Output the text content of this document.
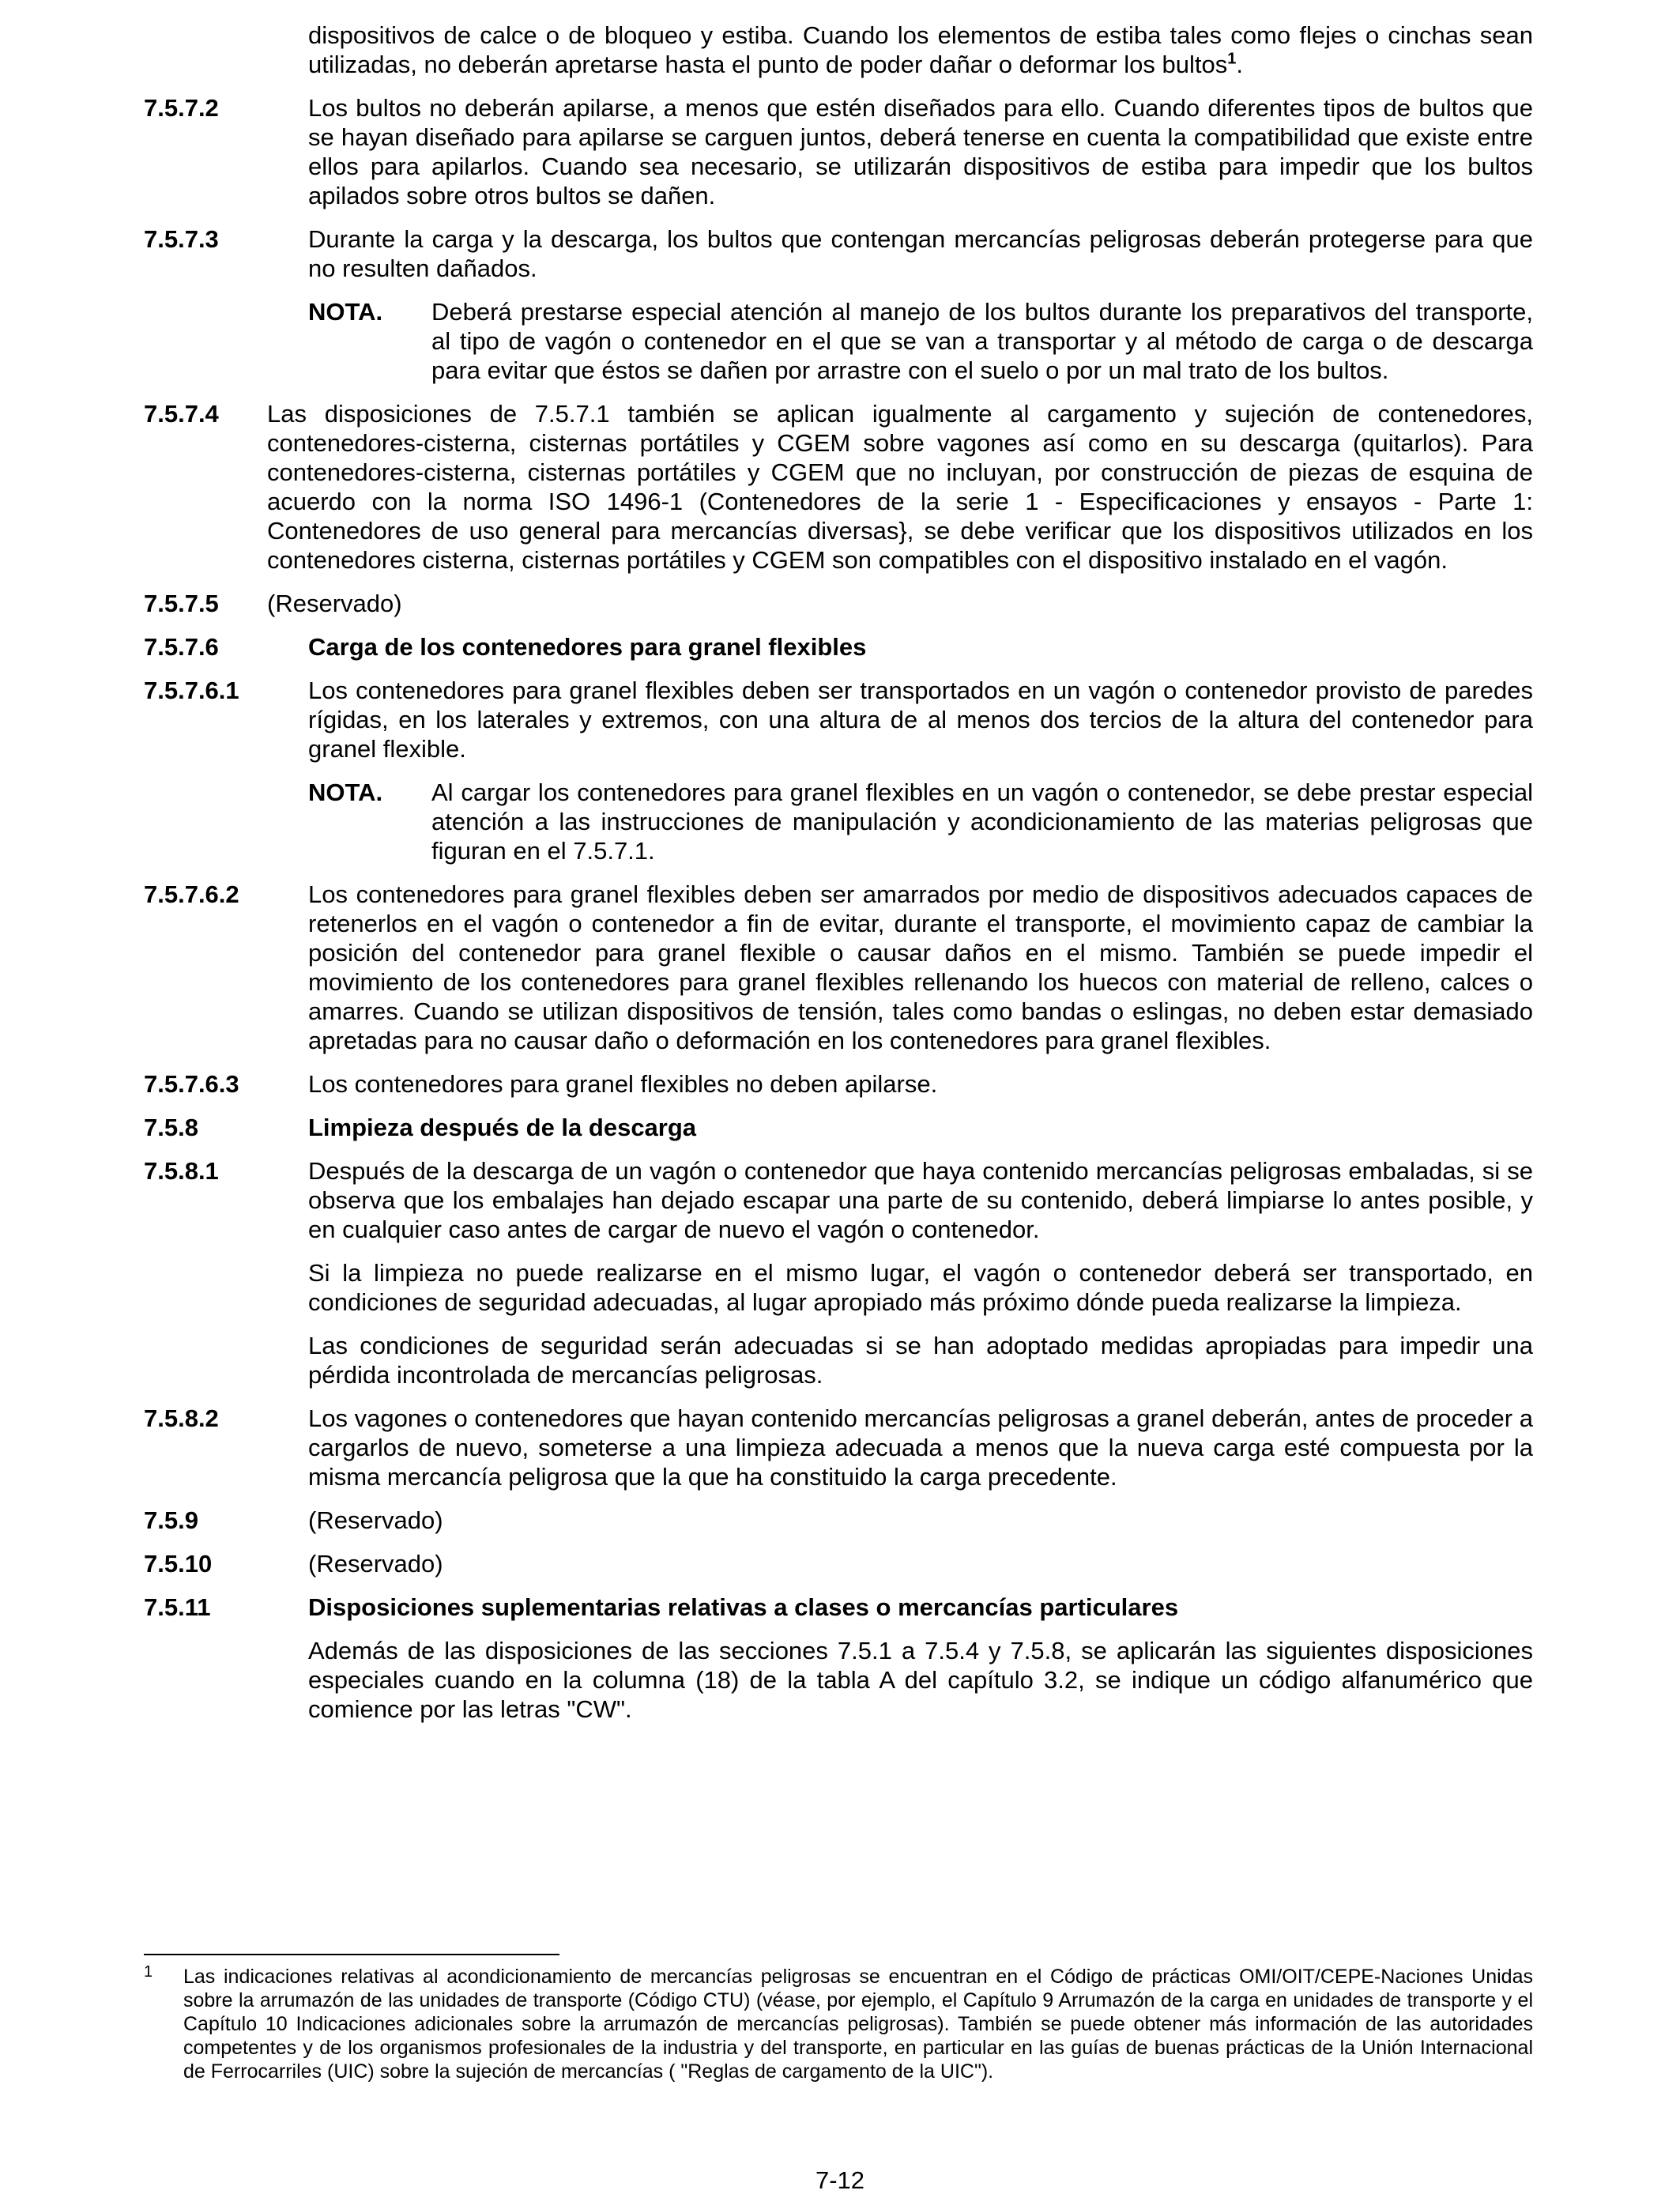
dispositivos de calce o de bloqueo y estiba. Cuando los elementos de estiba tales como flejes o cinchas sean utilizadas, no deberán apretarse hasta el punto de poder dañar o deformar los bultos$^1$.

7.5.7.2	Los bultos no deberán apilarse, a menos que estén diseñados para ello. Cuando diferentes tipos de bultos que se hayan diseñado para apilarse se carguen juntos, deberá tenerse en cuenta la compatibilidad que existe entre ellos para apilarlos. Cuando sea necesario, se utilizarán dispositivos de estiba para impedir que los bultos apilados sobre otros bultos se dañen.

7.5.7.3	Durante la carga y la descarga, los bultos que contengan mercancías peligrosas deberán protegerse para que no resulten dañados.

NOTA. Deberá prestarse especial atención al manejo de los bultos durante los preparativos del transporte, al tipo de vagón o contenedor en el que se van a transportar y al método de carga o de descarga para evitar que éstos se dañen por arrastre con el suelo o por un mal trato de los bultos.

7.5.7.4 Las disposiciones de 7.5.7.1 también se aplican igualmente al cargamento y sujeción de contenedores, contenedores-cisterna, cisternas portátiles y CGEM sobre vagones así como en su descarga (quitarlos). Para contenedores-cisterna, cisternas portátiles y CGEM que no incluyan, por construcción de piezas de esquina de acuerdo con la norma ISO 1496-1 (Contenedores de la serie 1 - Especificaciones y ensayos - Parte 1: Contenedores de uso general para mercancías diversas}, se debe verificar que los dispositivos utilizados en los contenedores cisterna, cisternas portátiles y CGEM son compatibles con el dispositivo instalado en el vagón.

7.5.7.5 (Reservado)

7.5.7.6	Carga de los contenedores para granel flexibles

7.5.7.6.1	Los contenedores para granel flexibles deben ser transportados en un vagón o contenedor provisto de paredes rígidas, en los laterales y extremos, con una altura de al menos dos tercios de la altura del contenedor para granel flexible.

NOTA. Al cargar los contenedores para granel flexibles en un vagón o contenedor, se debe prestar especial atención a las instrucciones de manipulación y acondicionamiento de las materias peligrosas que figuran en el 7.5.7.1.

7.5.7.6.2	Los contenedores para granel flexibles deben ser amarrados por medio de dispositivos adecuados capaces de retenerlos en el vagón o contenedor a fin de evitar, durante el transporte, el movimiento capaz de cambiar la posición del contenedor para granel flexible o causar daños en el mismo. También se puede impedir el movimiento de los contenedores para granel flexibles rellenando los huecos con material de relleno, calces o amarres. Cuando se utilizan dispositivos de tensión, tales como bandas o eslingas, no deben estar demasiado apretadas para no causar daño o deformación en los contenedores para granel flexibles.

7.5.7.6.3	Los contenedores para granel flexibles no deben apilarse.

7.5.8	Limpieza después de la descarga

7.5.8.1	Después de la descarga de un vagón o contenedor que haya contenido mercancías peligrosas embaladas, si se observa que los embalajes han dejado escapar una parte de su contenido, deberá limpiarse lo antes posible, y en cualquier caso antes de cargar de nuevo el vagón o contenedor.

Si la limpieza no puede realizarse en el mismo lugar, el vagón o contenedor deberá ser transportado, en condiciones de seguridad adecuadas, al lugar apropiado más próximo dónde pueda realizarse la limpieza.

Las condiciones de seguridad serán adecuadas si se han adoptado medidas apropiadas para impedir una pérdida incontrolada de mercancías peligrosas.

7.5.8.2	Los vagones o contenedores que hayan contenido mercancías peligrosas a granel deberán, antes de proceder a cargarlos de nuevo, someterse a una limpieza adecuada a menos que la nueva carga esté compuesta por la misma mercancía peligrosa que la que ha constituido la carga precedente.

7.5.9	(Reservado)

7.5.10	(Reservado)

7.5.11	Disposiciones suplementarias relativas a clases o mercancías particulares

Además de las disposiciones de las secciones 7.5.1 a 7.5.4 y 7.5.8, se aplicarán las siguientes disposiciones especiales cuando en la columna (18) de la tabla A del capítulo 3.2, se indique un código alfanumérico que comience por las letras "CW".

1 Las indicaciones relativas al acondicionamiento de mercancías peligrosas se encuentran en el Código de prácticas OMI/OIT/CEPE-Naciones Unidas sobre la arrumazón de las unidades de transporte (Código CTU) (véase, por ejemplo, el Capítulo 9 Arrumazón de la carga en unidades de transporte y el Capítulo 10 Indicaciones adicionales sobre la arrumazón de mercancías peligrosas). También se puede obtener más información de las autoridades competentes y de los organismos profesionales de la industria y del transporte, en particular en las guías de buenas prácticas de la Unión Internacional de Ferrocarriles (UIC) sobre la sujeción de mercancías ( "Reglas de cargamento de la UIC").

7-12
